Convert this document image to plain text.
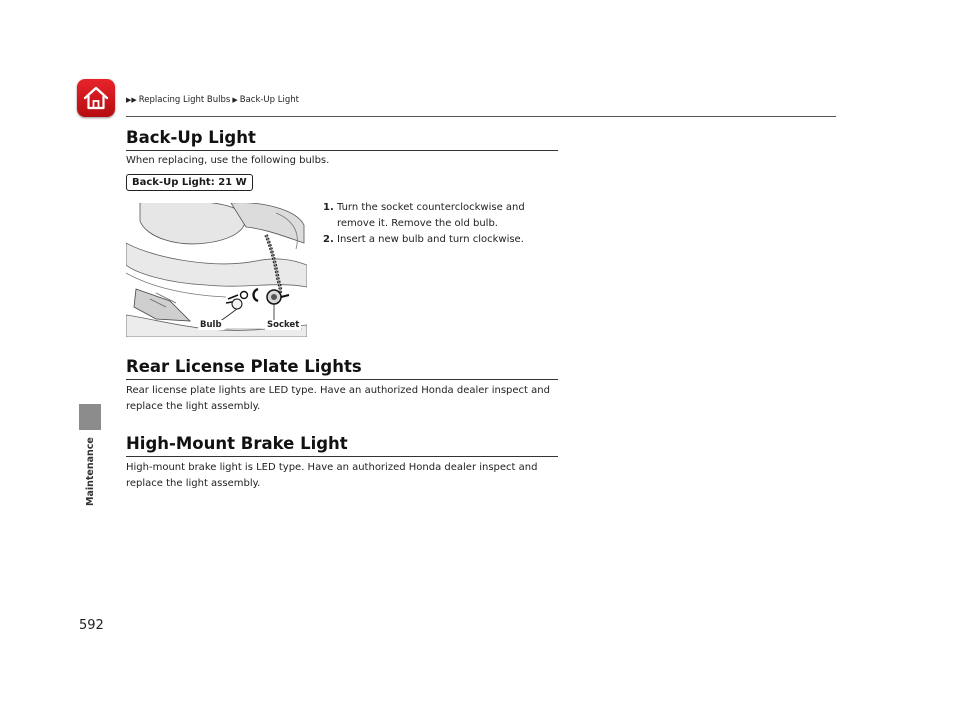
▶▶ Replacing Light Bulbs ▶ Back-Up Light
Maintenance
Back-Up Light
When replacing, use the following bulbs.
Back-Up Light: 21 W
Bulb	Socket
1. Turn the socket counterclockwise and remove it. Remove the old bulb.
2. Insert a new bulb and turn clockwise.
Rear License Plate Lights
Rear license plate lights are LED type. Have an authorized Honda dealer inspect and replace the light assembly.
High-Mount Brake Light
High-mount brake light is LED type. Have an authorized Honda dealer inspect and replace the light assembly.
592
